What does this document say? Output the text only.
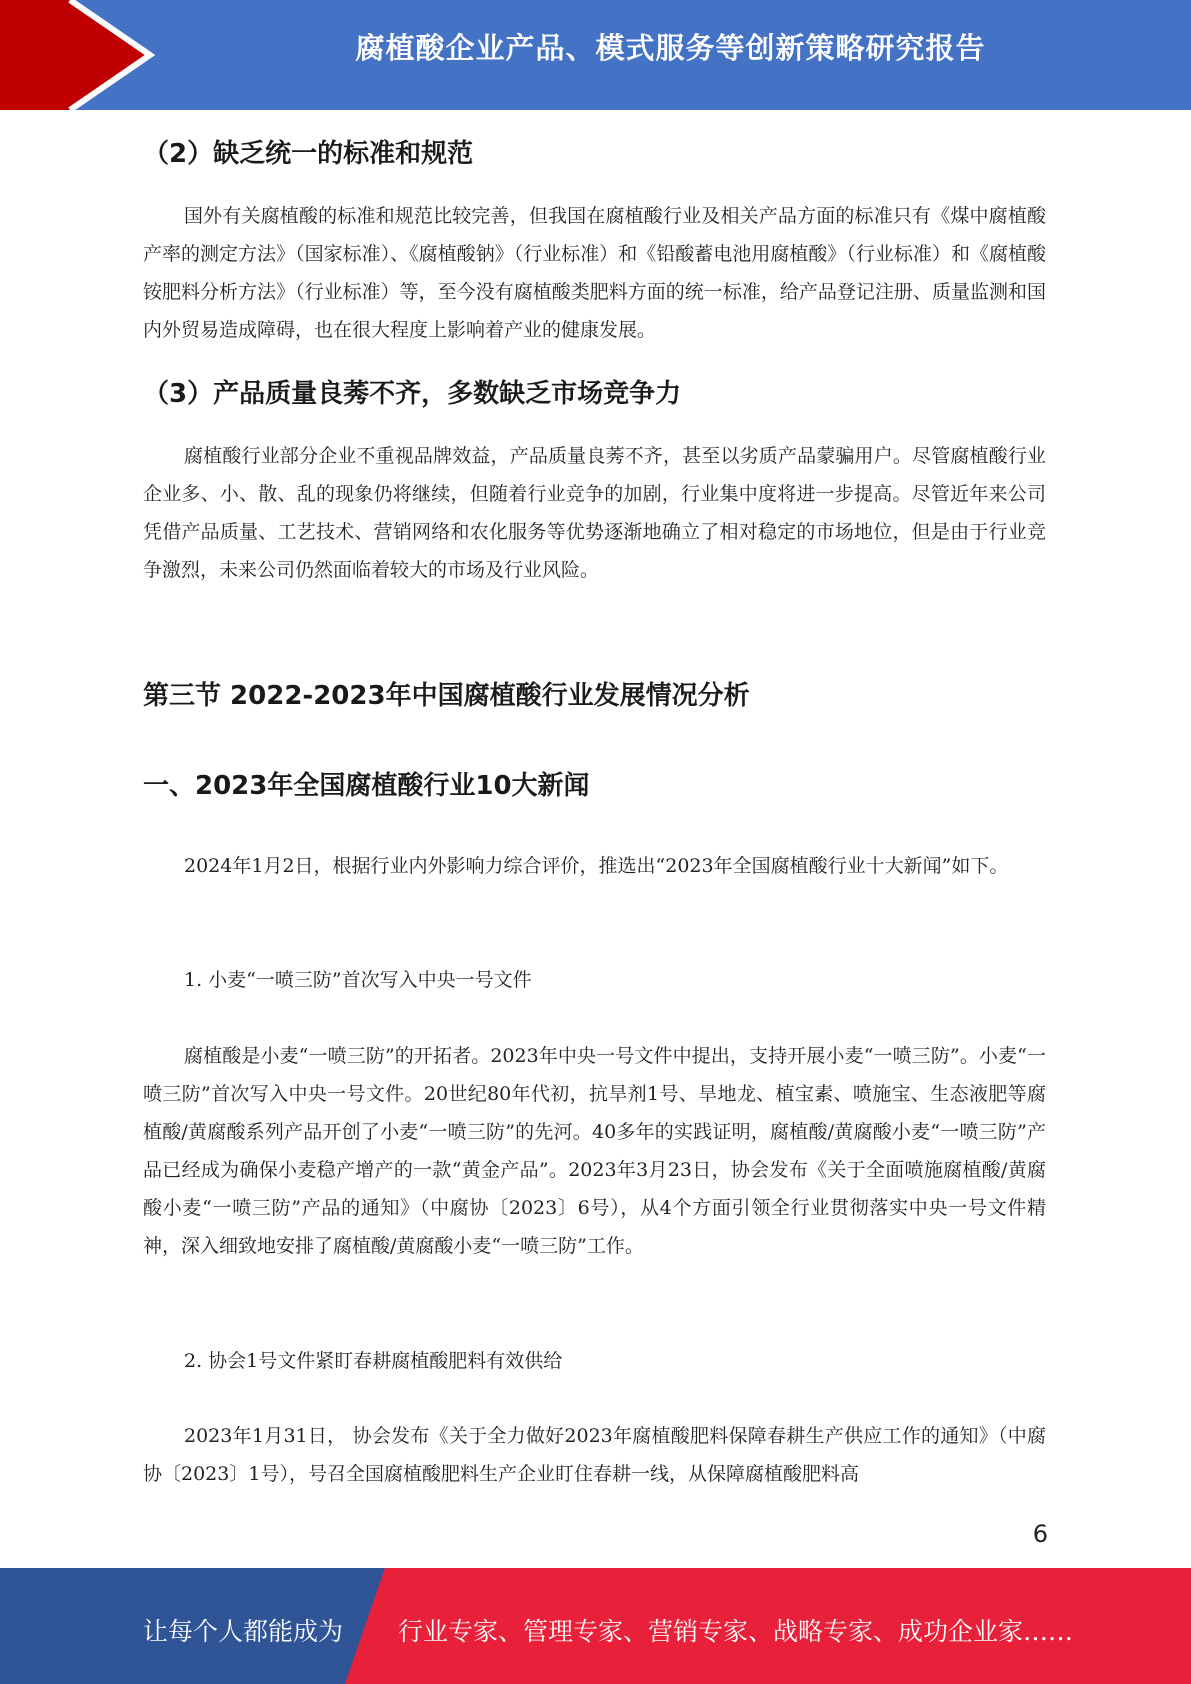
腐植酸企业产品、模式服务等创新策略研究报告
（2）缺乏统一的标准和规范

国外有关腐植酸的标准和规范比较完善，但我国在腐植酸行业及相关产品方面的标准只有《煤中腐植酸产率的测定方法》（国家标准）、《腐植酸钠》（行业标准）和《铅酸蓄电池用腐植酸》（行业标准）和《腐植酸铵肥料分析方法》（行业标准）等，至今没有腐植酸类肥料方面的统一标准，给产品登记注册、质量监测和国内外贸易造成障碍，也在很大程度上影响着产业的健康发展。

（3）产品质量良莠不齐，多数缺乏市场竞争力

腐植酸行业部分企业不重视品牌效益，产品质量良莠不齐，甚至以劣质产品蒙骗用户。尽管腐植酸行业企业多、小、散、乱的现象仍将继续，但随着行业竞争的加剧，行业集中度将进一步提高。尽管近年来公司凭借产品质量、工艺技术、营销网络和农化服务等优势逐渐地确立了相对稳定的市场地位，但是由于行业竞争激烈，未来公司仍然面临着较大的市场及行业风险。

第三节 2022-2023年中国腐植酸行业发展情况分析
一、2023年全国腐植酸行业10大新闻

2024年1月2日，根据行业内外影响力综合评价，推选出“2023年全国腐植酸行业十大新闻”如下。

1. 小麦“一喷三防”首次写入中央一号文件

腐植酸是小麦“一喷三防”的开拓者。2023年中央一号文件中提出，支持开展小麦“一喷三防”。小麦“一喷三防”首次写入中央一号文件。20世纪80年代初，抗旱剂1号、旱地龙、植宝素、喷施宝、生态液肥等腐植酸/黄腐酸系列产品开创了小麦“一喷三防”的先河。40多年的实践证明，腐植酸/黄腐酸小麦“一喷三防”产品已经成为确保小麦稳产增产的一款“黄金产品”。2023年3月23日，协会发布《关于全面喷施腐植酸/黄腐酸小麦“一喷三防”产品的通知》（中腐协〔2023〕6号），从4个方面引领全行业贯彻落实中央一号文件精神，深入细致地安排了腐植酸/黄腐酸小麦“一喷三防”工作。

2. 协会1号文件紧盯春耕腐植酸肥料有效供给

2023年1月31日， 协会发布《关于全力做好2023年腐植酸肥料保障春耕生产供应工作的通知》（中腐协〔2023〕1号），号召全国腐植酸肥料生产企业盯住春耕一线，从保障腐植酸肥料高

6
让每个人都能成为 行业专家、管理专家、营销专家、战略专家、成功企业家……
